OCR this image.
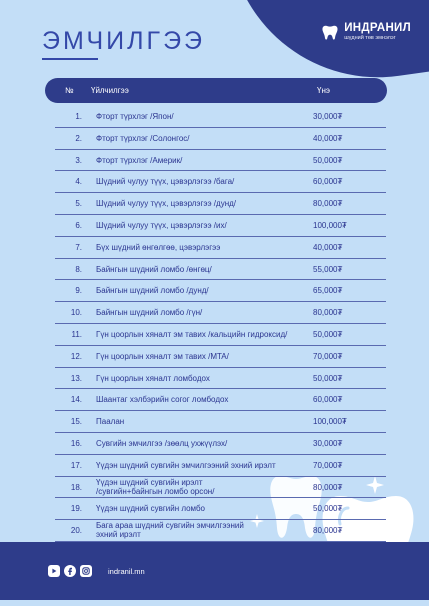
ИНДРАНИЛ
шүдний төв эмнэлэг
ЭМЧИЛГЭЭ
№ Үйлчилгээ	Үнэ
1. Фторт түрхлэг /Япон/	30,000₮
2. Фторт түрхлэг /Солонгос/	40,000₮
3. Фторт түрхлэг /Америк/	50,000₮
4. Шүдний чулуу түүх, цэвэрлэгээ /бага/	60,000₮
5. Шүдний чулуу түүх, цэвэрлэгээ /дунд/	80,000₮
6. Шүдний чулуу түүх, цэвэрлэгээ /их/	100,000₮
7. Бүх шүдний өнгөлгөө, цэвэрлэгээ	40,000₮
8. Байнгын шүдний ломбо /өнгөц/	55,000₮
9. Байнгын шүдний ломбо /дунд/	65,000₮
10. Байнгын шүдний ломбо /гүн/	80,000₮
11. Гүн цоорлын хяналт эм тавих /кальцийн гидроксид/	50,000₮
12. Гүн цоорлын хяналт эм тавих /MTA/	70,000₮
13. Гүн цоорлын хяналт ломбодох	50,000₮
14. Шаантаг хэлбэрийн согог ломбодох	60,000₮
15. Паалан	100,000₮
16. Сувгийн эмчилгээ /зөөлц ухжүүлэх/	30,000₮
17. Үүдэн шүдний сувгийн эмчилгээний эхний ирэлт	70,000₮
18.
Үүдэн шүдний сувгийн ирэлт
/сувгийн+байнгын ломбо орсон/	80,000₮
19. Үүдэн шүдний сувгийн ломбо	50,000₮
20.
Бага араа шүдний сувгийн эмчилгээний
эхний ирэлт	80,000₮

indranil.mn
